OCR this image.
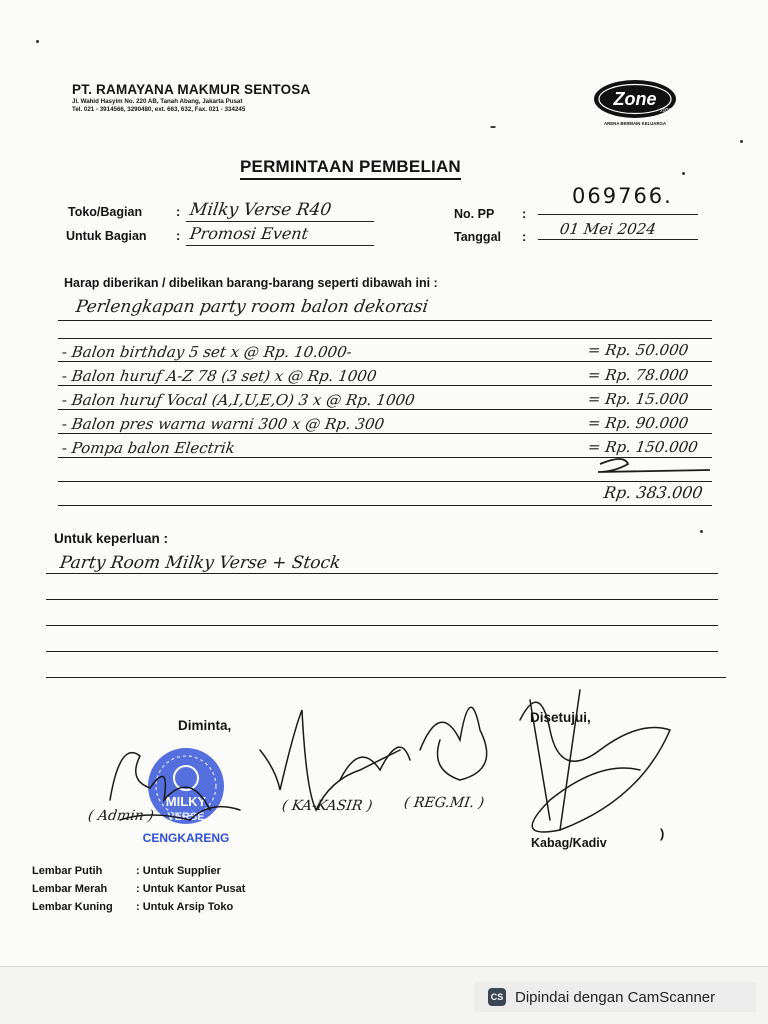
PT. RAMAYANA MAKMUR SENTOSA
Jl. Wahid Hasyim No. 220 AB, Tanah Abang, Jakarta Pusat
Tel. 021 - 3914566, 3290480, ext. 663, 632, Fax. 021 - 334245	Zone
2008
ARENA BERMAIN KELUARGA
PERMINTAAN PEMBELIAN
Toko/Bagian	: Milky Verse R40
Untuk Bagian : Promosi Event
No. PP :
069766.
Tanggal : 01 Mei 2024
Harap diberikan / dibelikan barang-barang seperti dibawah ini :
Perlengkapan party room balon dekorasi
- Balon birthday 5 set x @ Rp. 10.000-	= Rp. 50.000
- Balon huruf A-Z 78 (3 set) x @ Rp. 1000	= Rp. 78.000
- Balon huruf Vocal (A,I,U,E,O) 3 x @ Rp. 1000	= Rp. 15.000
- Balon pres warna warni 300 x @ Rp. 300	= Rp. 90.000
- Pompa balon Electrik	= Rp. 150.000
Rp. 383.000
Untuk keperluan :
Party Room Milky Verse + Stock
Diminta,
Disetujui,
MILKY
VERSE
CENGKARENG
( Admin )
( KA-KASIR ) ( REG.MI. )
Kabag/Kadiv
)
Lembar Putih	: Untuk Supplier
Lembar Merah	: Untuk Kantor Pusat
Lembar Kuning : Untuk Arsip Toko
CS Dipindai dengan CamScanner
